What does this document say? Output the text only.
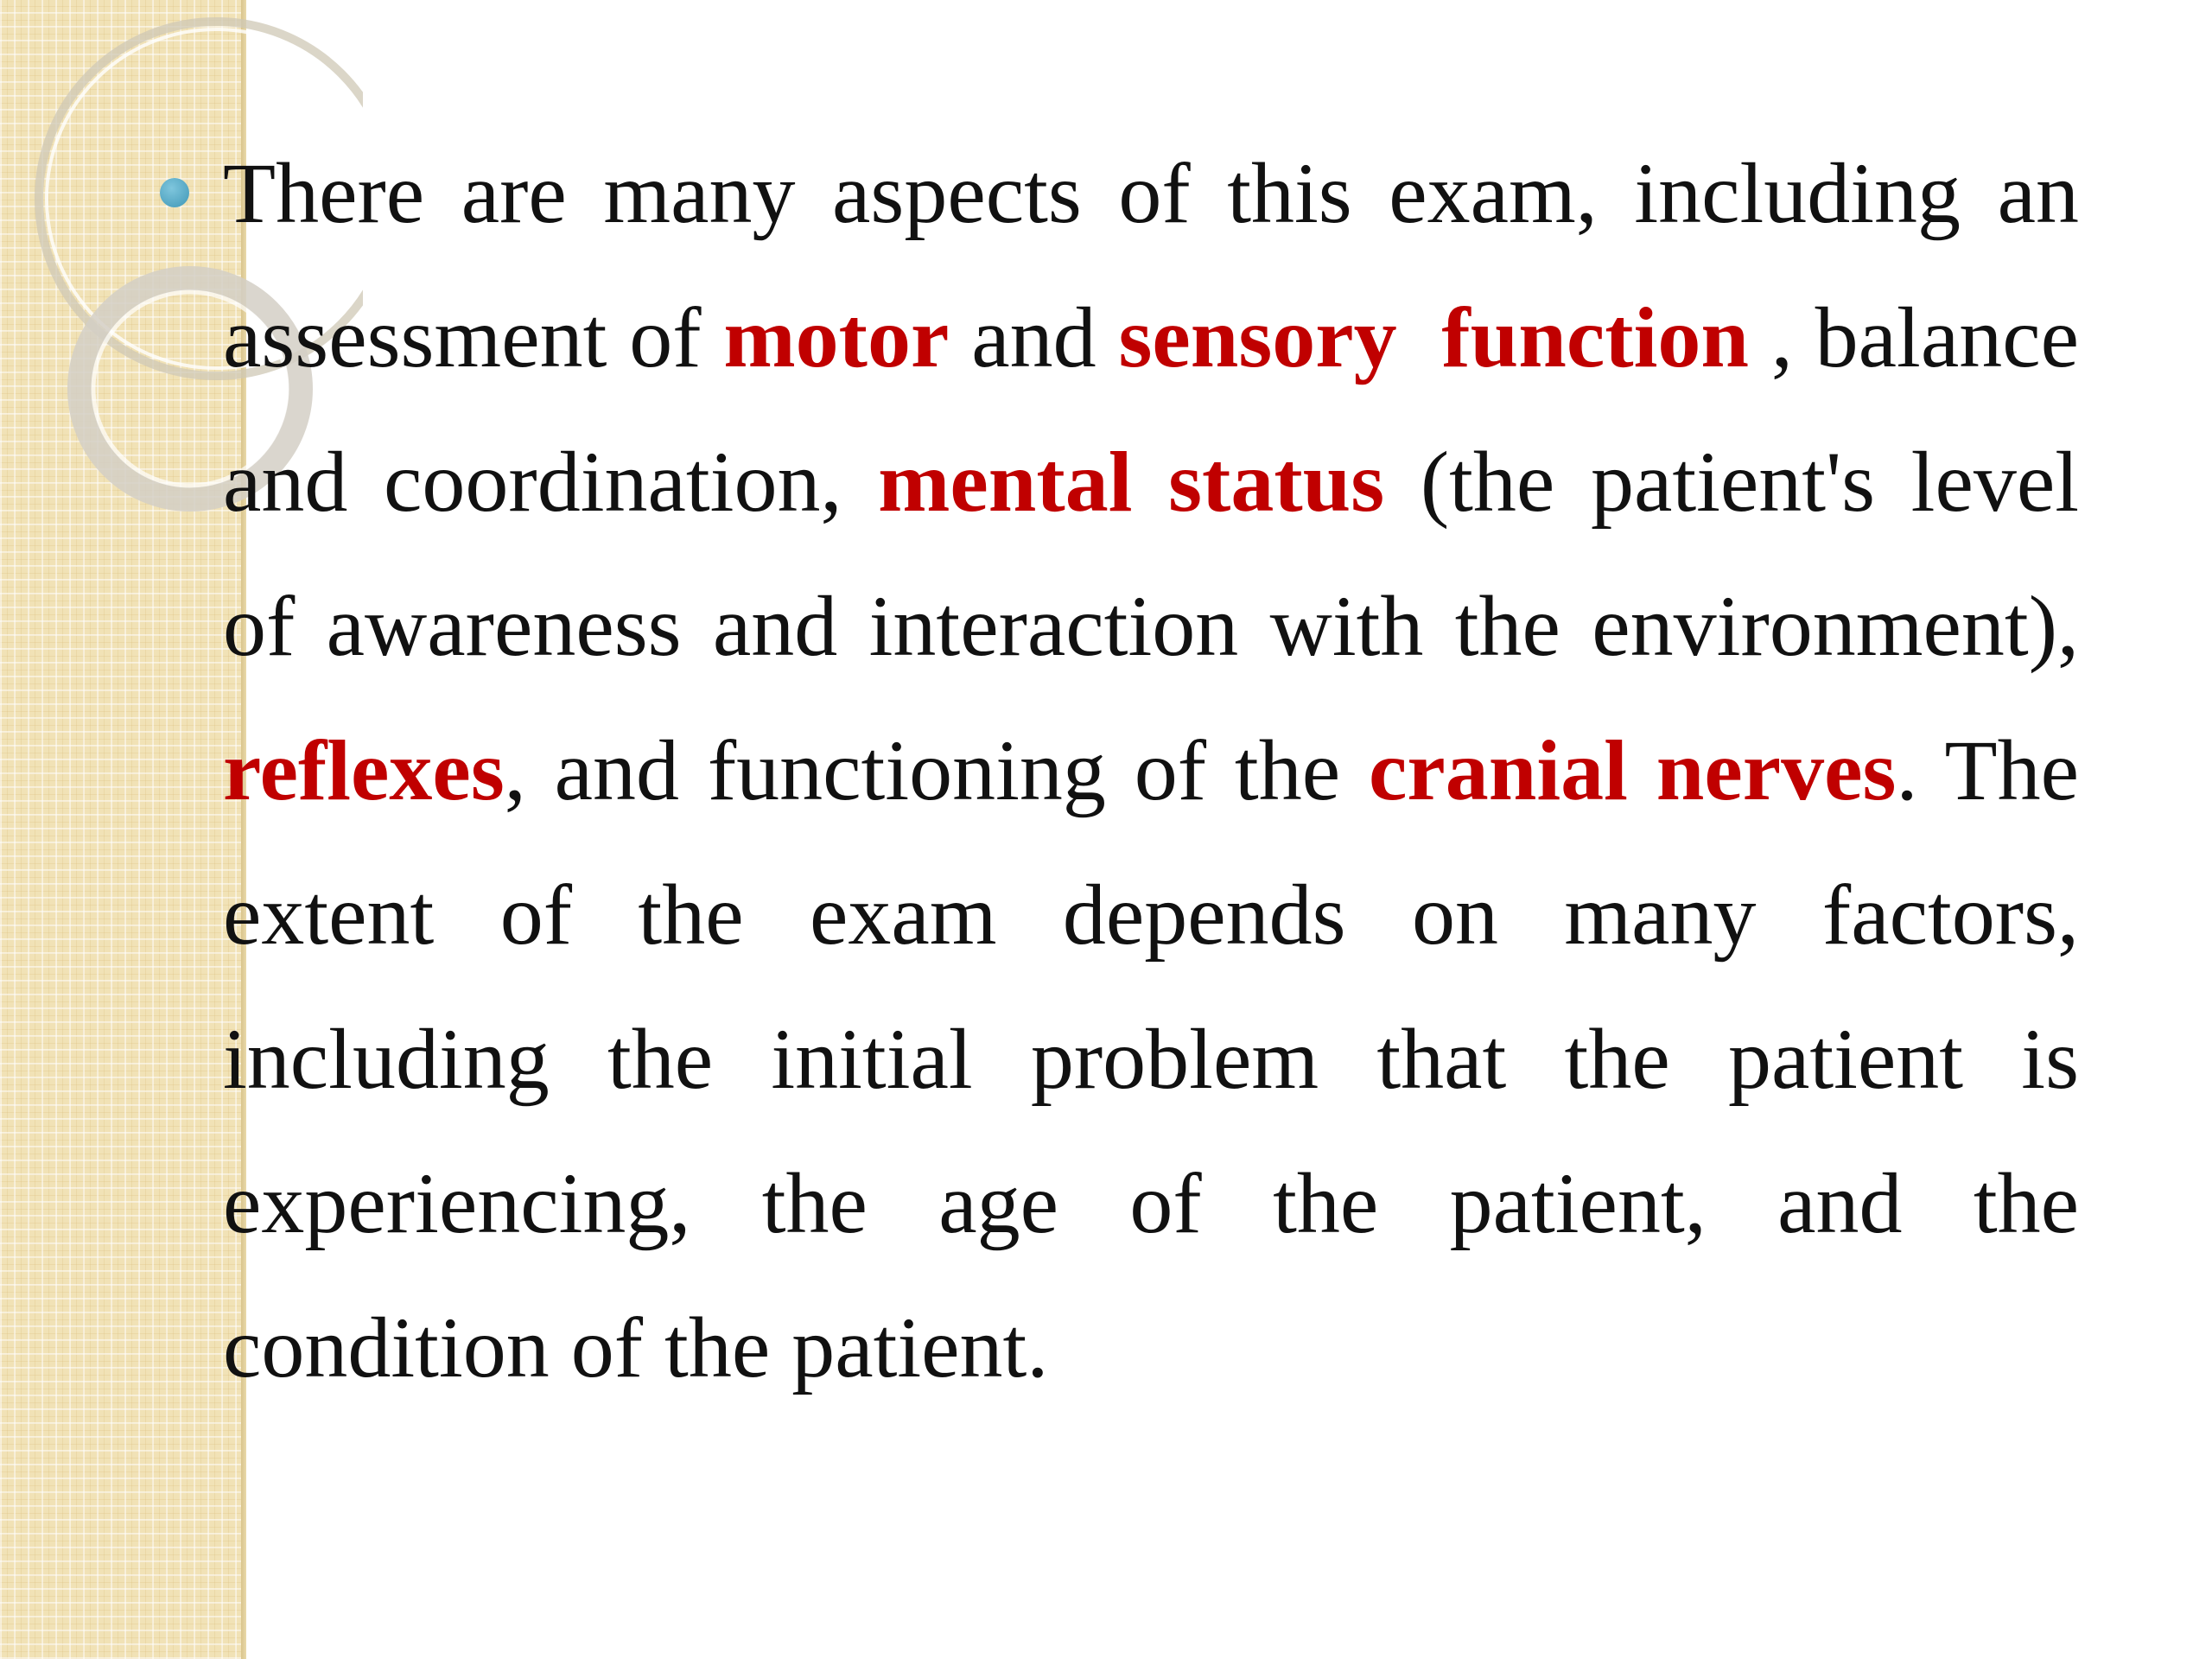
There are many aspects of this exam, including an assessment of motor and sensory  function , balance and coordination, mental status (the patient's level of awareness and interaction with the environment), reflexes, and functioning of the cranial nerves. The extent of the exam depends on many factors, including the initial problem that the patient is experiencing, the age of the patient, and the condition of the patient.
